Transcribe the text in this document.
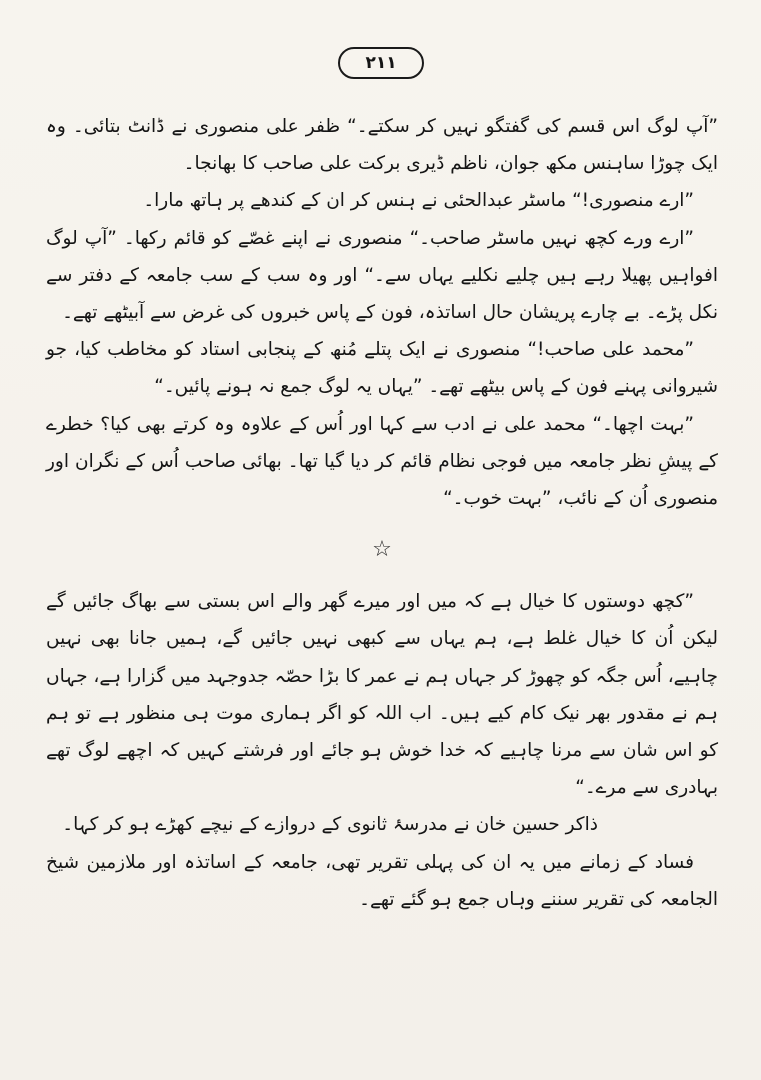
٢١١

”آپ لوگ اس قسم کی گفتگو نہیں کر سکتے۔“ ظفر علی منصوری نے ڈانٹ بتائی۔ وہ ایک چوڑا ساہنس مکھ جوان، ناظم ڈیری برکت علی صاحب کا بھانجا۔

”ارے منصوری!“ ماسٹر عبدالحئی نے ہنس کر ان کے کندھے پر ہاتھ مارا۔

”ارے ورے کچھ نہیں ماسٹر صاحب۔“ منصوری نے اپنے غصّے کو قائم رکھا۔ ”آپ لوگ افواہیں پھیلا رہے ہیں چلیے نکلیے یہاں سے۔“ اور وہ سب کے سب جامعہ کے دفتر سے نکل پڑے۔ بے چارے پریشان حال اساتذہ، فون کے پاس خبروں کی غرض سے آبیٹھے تھے۔

”محمد علی صاحب!“ منصوری نے ایک پتلے مُنھ کے پنجابی استاد کو مخاطب کیا، جو شیروانی پہنے فون کے پاس بیٹھے تھے۔ ”یہاں یہ لوگ جمع نہ ہونے پائیں۔“

”بہت اچھا۔“ محمد علی نے ادب سے کہا اور اُس کے علاوہ وہ کرتے بھی کیا؟ خطرے کے پیشِ نظر جامعہ میں فوجی نظام قائم کر دیا گیا تھا۔ بھائی صاحب اُس کے نگران اور منصوری اُن کے نائب، ”بہت خوب۔“

☆

”کچھ دوستوں کا خیال ہے کہ میں اور میرے گھر والے اس بستی سے بھاگ جائیں گے لیکن اُن کا خیال غلط ہے، ہم یہاں سے کبھی نہیں جائیں گے، ہمیں جانا بھی نہیں چاہیے، اُس جگہ کو چھوڑ کر جہاں ہم نے عمر کا بڑا حصّہ جدوجہد میں گزارا ہے، جہاں ہم نے مقدور بھر نیک کام کیے ہیں۔ اب اللہ کو اگر ہماری موت ہی منظور ہے تو ہم کو اس شان سے مرنا چاہیے کہ خدا خوش ہو جائے اور فرشتے کہیں کہ اچھے لوگ تھے بہادری سے مرے۔“

ذاکر حسین خان نے مدرسۂ ثانوی کے دروازے کے نیچے کھڑے ہو کر کہا۔

فساد کے زمانے میں یہ ان کی پہلی تقریر تھی، جامعہ کے اساتذہ اور ملازمین شیخ الجامعہ کی تقریر سننے وہاں جمع ہو گئے تھے۔
